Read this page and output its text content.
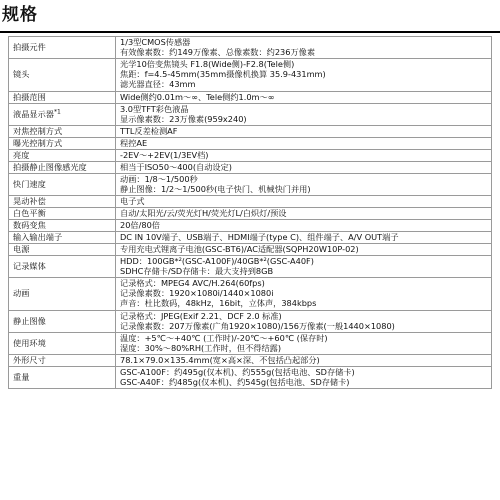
规格
拍摄元件	1/3型CMOS传感器
有效像素数：约149万像素、总像素数：约236万像素

镜头	光学10倍变焦镜头 F1.8(Wide侧)-F2.8(Tele侧)
焦距：f=4.5-45mm(35mm摄像机换算 35.9-431mm)
滤光器直径：43mm

拍摄范围	Wide侧约0.01m～∞、Tele侧约1.0m～∞

液晶显示器$^{*1}$	3.0型TFT彩色液晶
显示像素数：23万像素(959x240)

对焦控制方式	TTL反差检测AF

曝光控制方式	程控AE

亮度	-2EV～+2EV(1/3EV档)

拍摄静止图像感光度	相当于ISO50～400(自动设定)

快门速度	动画：1/8～1/500秒
静止图像：1/2～1/500秒(电子快门、机械快门并用)

晃动补偿	电子式

白色平衡	自动/太阳光/云/荧光灯H/荧光灯L/白炽灯/预设

数码变焦	20倍/80倍

输入输出端子	DC IN 10V端子、USB端子、HDMI端子(type C)、组件端子、A/V OUT端子

电源	专用充电式锂离子电池(GSC-BT6)/AC适配器(SQPH20W10P-02)

记录媒体	HDD：100GB*²(GSC-A100F)/40GB*²(GSC-A40F)
SDHC存储卡/SD存储卡：最大支持到8GB

动画	记录格式：MPEG4 AVC/H.264(60fps)
记录像素数：1920×1080i/1440×1080i
声音：杜比数码，48kHz，16bit，立体声，384kbps

静止图像	记录格式：JPEG(Exif 2.21、DCF 2.0 标准)
记录像素数：207万像素(广角1920×1080)/156万像素(一般1440×1080)

使用环境	温度：+5℃～+40℃ (工作时)/-20℃～+60℃ (保存时)
湿度：30%～80%RH(工作时，但不得结露)

外形尺寸	78.1×79.0×135.4mm(宽×高×深、不包括凸起部分)

重量	GSC-A100F：约495g(仅本机)、约555g(包括电池、SD存储卡)
GSC-A40F：约485g(仅本机)、约545g(包括电池、SD存储卡)
